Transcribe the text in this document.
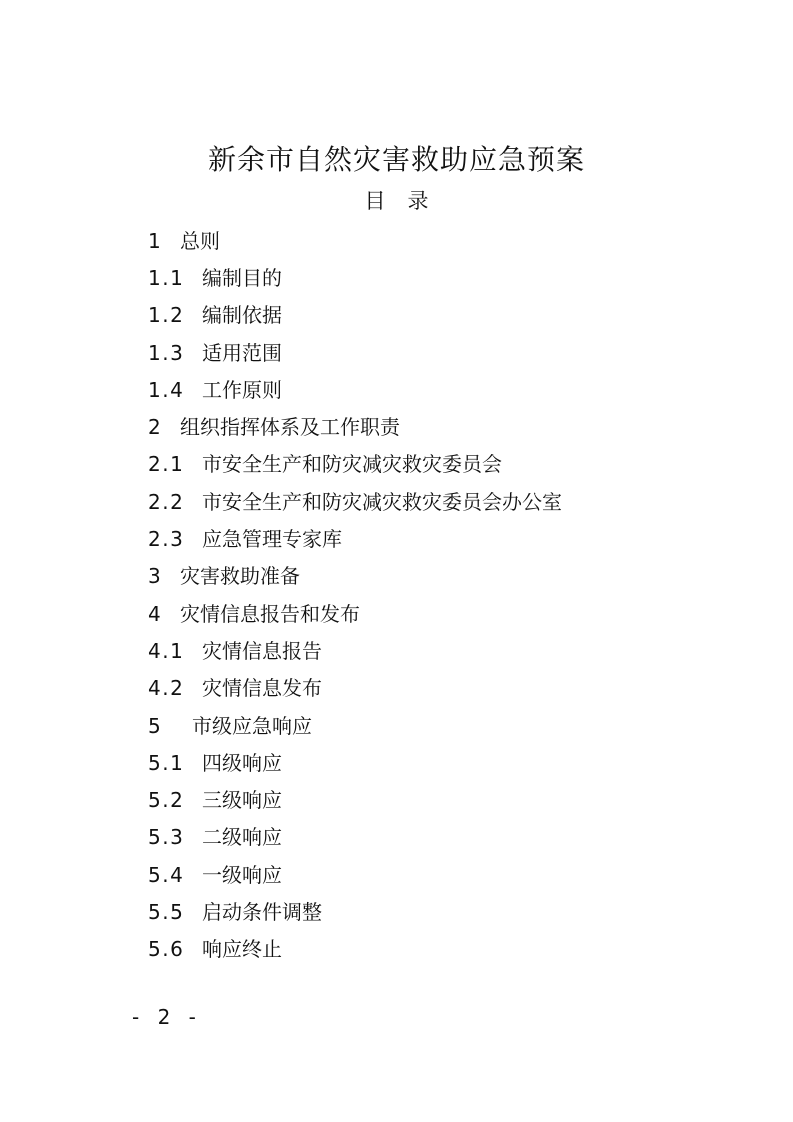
新余市自然灾害救助应急预案
目 录
1 总则
1.1 编制目的
1.2 编制依据
1.3 适用范围
1.4 工作原则
2 组织指挥体系及工作职责
2.1 市安全生产和防灾减灾救灾委员会
2.2 市安全生产和防灾减灾救灾委员会办公室
2.3 应急管理专家库
3 灾害救助准备
4 灾情信息报告和发布
4.1 灾情信息报告
4.2 灾情信息发布
5	市级应急响应
5.1 四级响应
5.2 三级响应
5.3 二级响应
5.4 一级响应
5.5 启动条件调整
5.6 响应终止
- 2 -
